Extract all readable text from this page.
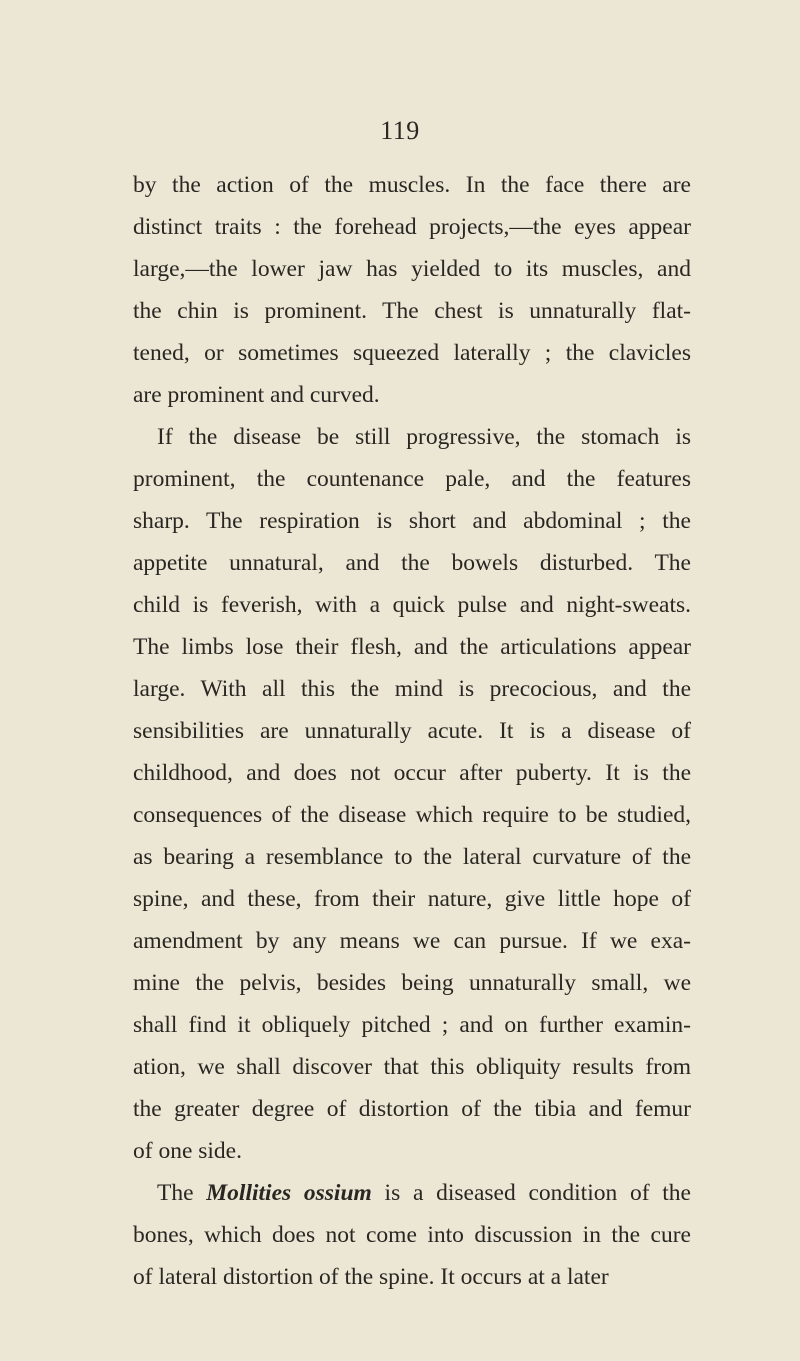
119
by the action of the muscles. In the face there are
distinct traits : the forehead projects,—the eyes appear
large,—the lower jaw has yielded to its muscles, and
the chin is prominent. The chest is unnaturally flat-
tened, or sometimes squeezed laterally ; the clavicles
are prominent and curved.
If the disease be still progressive, the stomach is
prominent, the countenance pale, and the features
sharp. The respiration is short and abdominal ; the
appetite unnatural, and the bowels disturbed. The
child is feverish, with a quick pulse and night-sweats.
The limbs lose their flesh, and the articulations appear
large. With all this the mind is precocious, and the
sensibilities are unnaturally acute. It is a disease of
childhood, and does not occur after puberty. It is the
consequences of the disease which require to be studied,
as bearing a resemblance to the lateral curvature of the
spine, and these, from their nature, give little hope of
amendment by any means we can pursue. If we exa-
mine the pelvis, besides being unnaturally small, we
shall find it obliquely pitched ; and on further examin-
ation, we shall discover that this obliquity results from
the greater degree of distortion of the tibia and femur
of one side.
The Mollities ossium is a diseased condition of the
bones, which does not come into discussion in the cure
of lateral distortion of the spine. It occurs at a later
